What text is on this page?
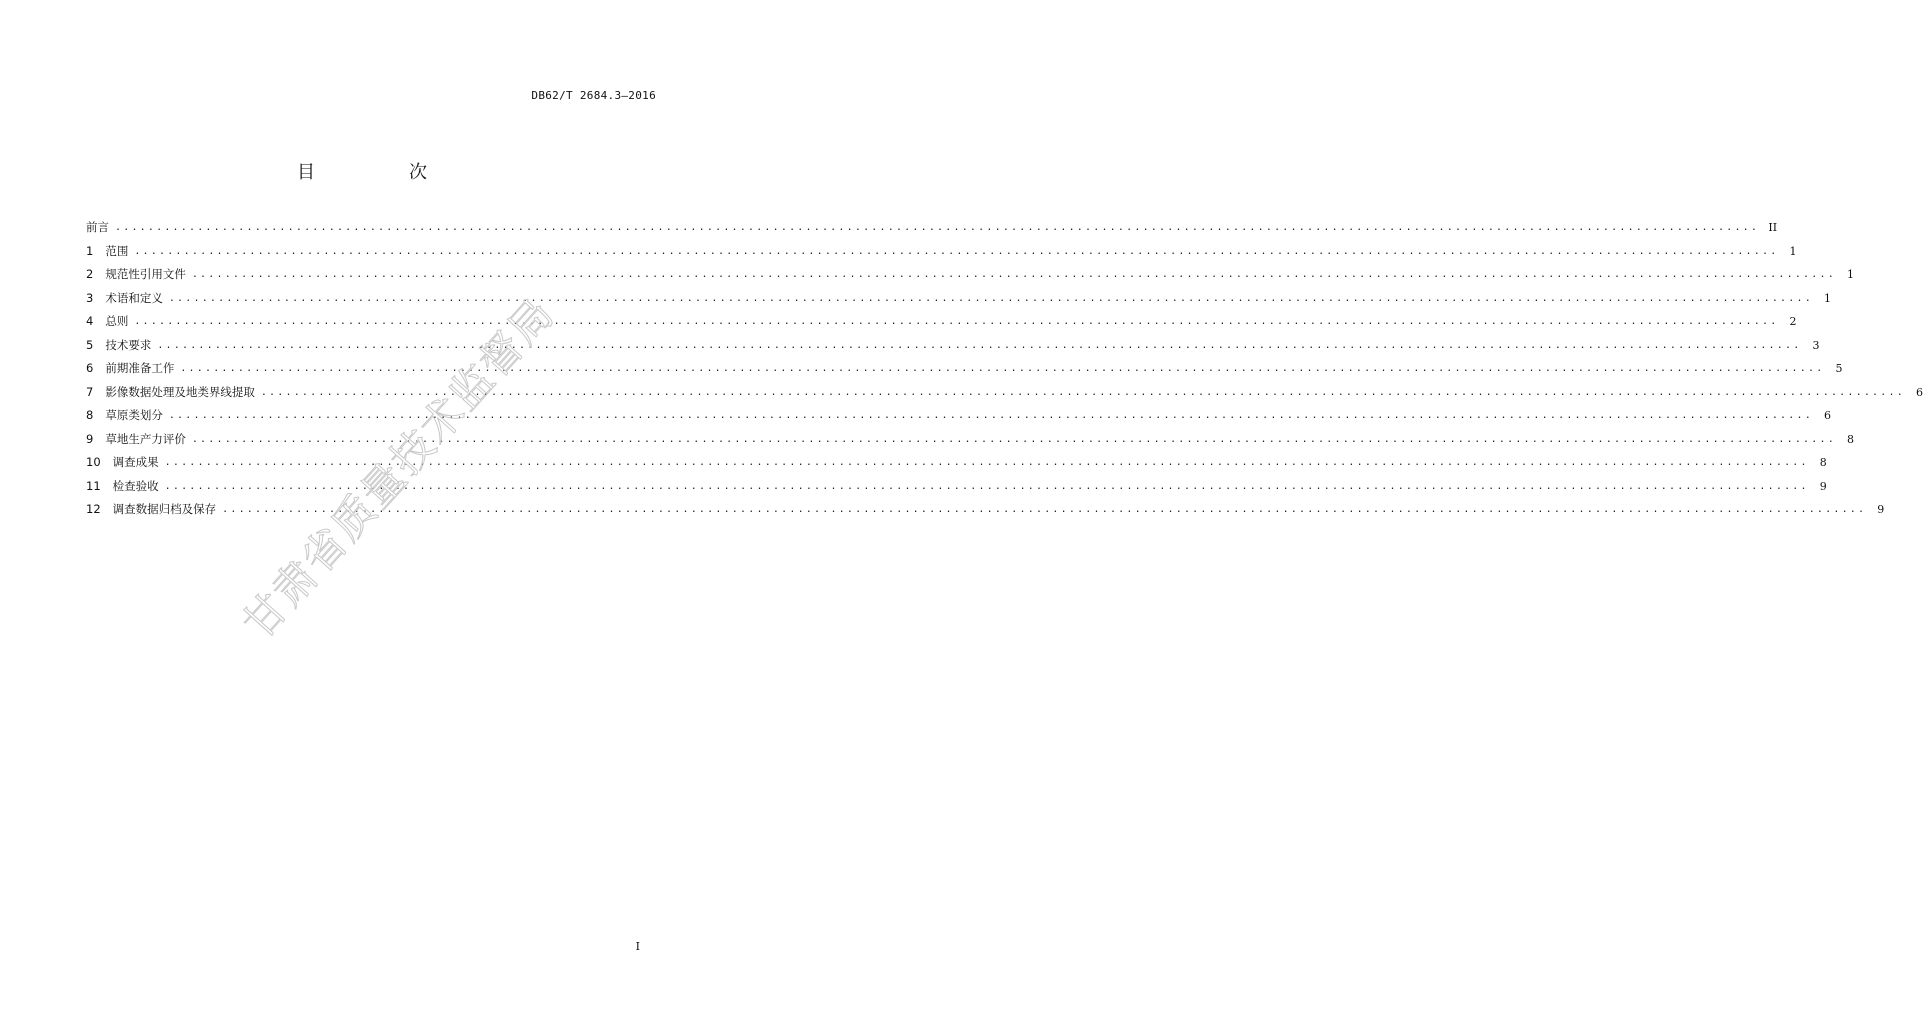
DB62/T 2684.3—2016
目　次
前言 ........................................................................................................................................................................................................ II
1 范围 ........................................................................................................................................................................................................	1
2 规范性引用文件 ........................................................................................................................................................................................................	1
3 术语和定义 ........................................................................................................................................................................................................	1
4 总则 ........................................................................................................................................................................................................	2
5 技术要求 ........................................................................................................................................................................................................	3
6 前期准备工作 ........................................................................................................................................................................................................	5
7 影像数据处理及地类界线提取 ........................................................................................................................................................................................................	6
8 草原类划分 ........................................................................................................................................................................................................	6
9 草地生产力评价 ........................................................................................................................................................................................................	8
10 调查成果 ........................................................................................................................................................................................................	8
11 检查验收 ........................................................................................................................................................................................................	9
12 调查数据归档及保存 ........................................................................................................................................................................................................	9
甘肃省质量技术监督局
I
